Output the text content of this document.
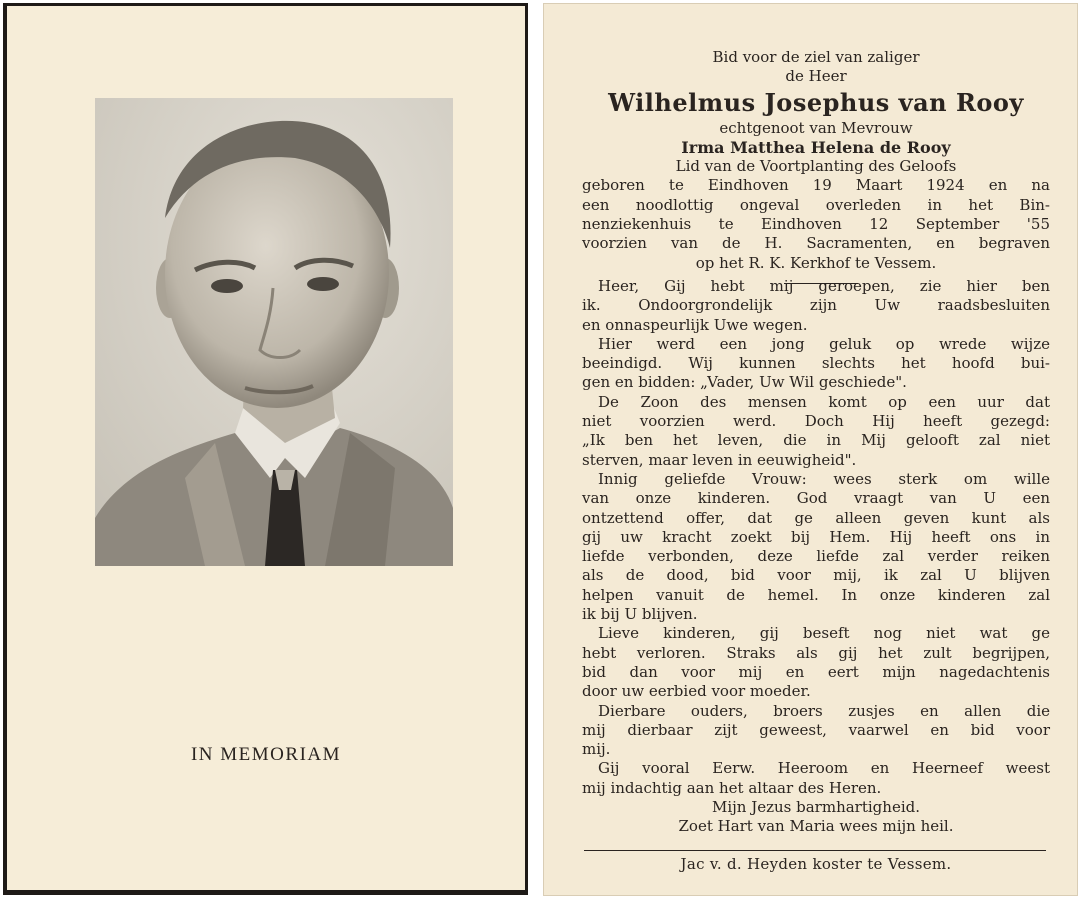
IN MEMORIAM
Bid voor de ziel van zaliger
de Heer
Wilhelmus Josephus van Rooy
echtgenoot van Mevrouw
Irma Matthea Helena de Rooy
Lid van de Voortplanting des Geloofs
geboren te Eindhoven 19 Maart 1924 en na
een noodlottig ongeval overleden in het Bin-
nenziekenhuis te Eindhoven 12 September '55
voorzien van de H. Sacramenten, en begraven
op het R. K. Kerkhof te Vessem.
Heer, Gij hebt mij geroepen, zie hier ben
ik. Ondoorgrondelijk zijn Uw raadsbesluiten
en onnaspeurlijk Uwe wegen.
Hier werd een jong geluk op wrede wijze
beeindigd. Wij kunnen slechts het hoofd bui-
gen en bidden: „Vader, Uw Wil geschiede".
De Zoon des mensen komt op een uur dat
niet voorzien werd. Doch Hij heeft gezegd:
„Ik ben het leven, die in Mij gelooft zal niet
sterven, maar leven in eeuwigheid".
Innig geliefde Vrouw: wees sterk om wille
van onze kinderen. God vraagt van U een
ontzettend offer, dat ge alleen geven kunt als
gij uw kracht zoekt bij Hem. Hij heeft ons in
liefde verbonden, deze liefde zal verder reiken
als de dood, bid voor mij, ik zal U blijven
helpen vanuit de hemel. In onze kinderen zal
ik bij U blijven.
Lieve kinderen, gij beseft nog niet wat ge
hebt verloren. Straks als gij het zult begrijpen,
bid dan voor mij en eert mijn nagedachtenis
door uw eerbied voor moeder.
Dierbare ouders, broers zusjes en allen die
mij dierbaar zijt geweest, vaarwel en bid voor
mij.
Gij vooral Eerw. Heeroom en Heerneef weest
mij indachtig aan het altaar des Heren.
Mijn Jezus barmhartigheid.
Zoet Hart van Maria wees mijn heil.
Jac v. d. Heyden koster te Vessem.
